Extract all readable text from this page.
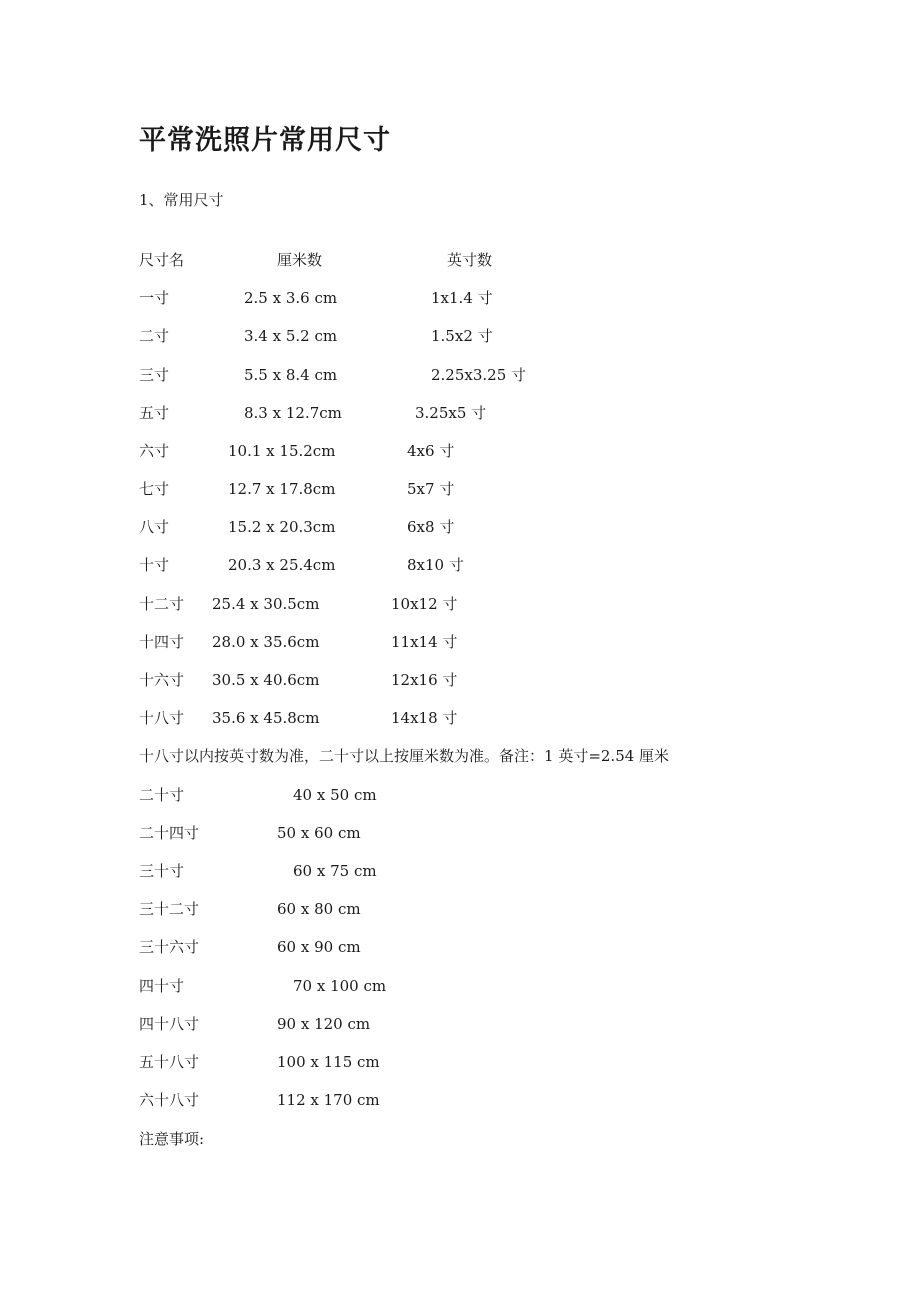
平常洗照片常用尺寸
1、常用尺寸
尺寸名	厘米数	英寸数
一寸	2.5 x 3.6 cm	1x1.4 寸
二寸	3.4 x 5.2 cm	1.5x2 寸
三寸	5.5 x 8.4 cm	2.25x3.25 寸
五寸	8.3 x 12.7cm	3.25x5 寸
六寸	10.1 x 15.2cm	4x6 寸
七寸	12.7 x 17.8cm	5x7 寸
八寸	15.2 x 20.3cm	6x8 寸
十寸	20.3 x 25.4cm	8x10 寸
十二寸 25.4 x 30.5cm	10x12 寸
十四寸 28.0 x 35.6cm	11x14 寸
十六寸 30.5 x 40.6cm	12x16 寸
十八寸 35.6 x 45.8cm	14x18 寸
十八寸以内按英寸数为准，二十寸以上按厘米数为准。备注：1 英寸=2.54 厘米
二十寸	40 x 50 cm
二十四寸	50 x 60 cm
三十寸	60 x 75 cm
三十二寸	60 x 80 cm
三十六寸	60 x 90 cm
四十寸	70 x 100 cm
四十八寸	90 x 120 cm
五十八寸	100 x 115 cm
六十八寸	112 x 170 cm
注意事项:
